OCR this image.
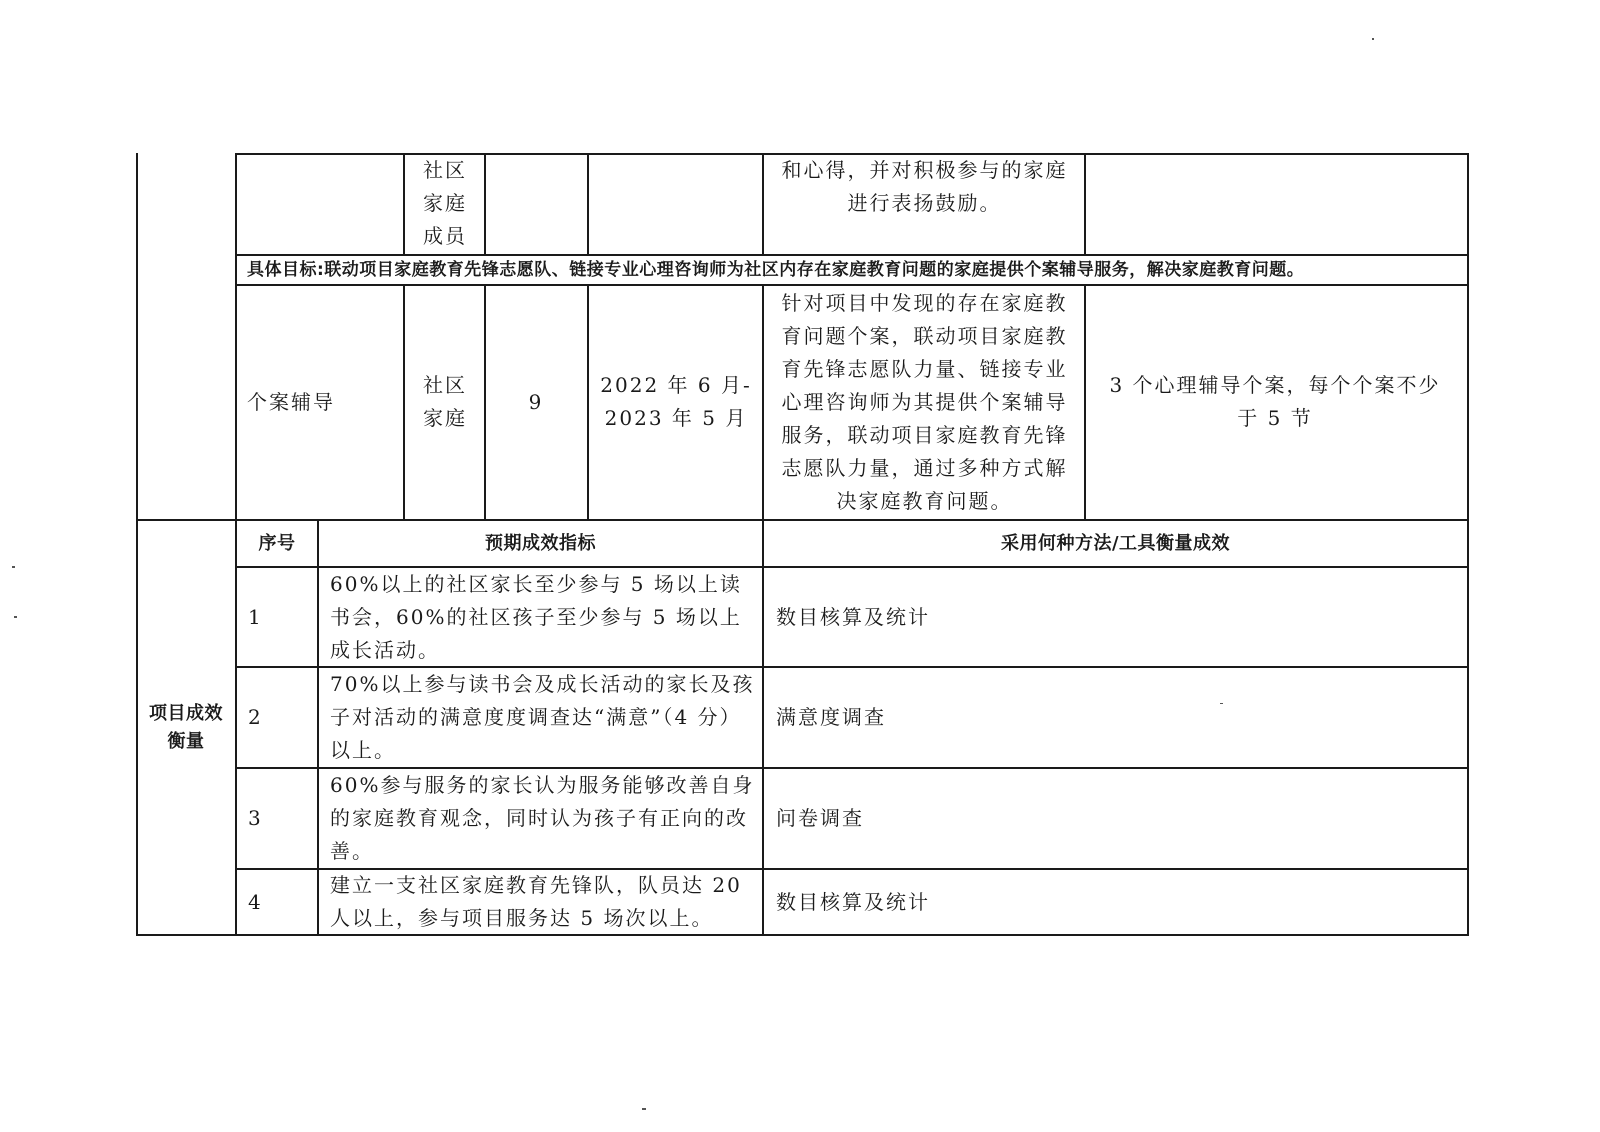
社区家庭成员
和心得，并对积极参与的家庭进行表扬鼓励。
具体目标:联动项目家庭教育先锋志愿队、链接专业心理咨询师为社区内存在家庭教育问题的家庭提供个案辅导服务，解决家庭教育问题。
个案辅导
社区家庭
9
2022 年 6 月-2023 年 5 月
针对项目中发现的存在家庭教育问题个案，联动项目家庭教育先锋志愿队力量、链接专业心理咨询师为其提供个案辅导服务，联动项目家庭教育先锋志愿队力量，通过多种方式解决家庭教育问题。
3 个心理辅导个案，每个个案不少于 5 节
项目成效衡量
序号	预期成效指标	采用何种方法/工具衡量成效
1
60%以上的社区家长至少参与 5 场以上读书会，60%的社区孩子至少参与 5 场以上成长活动。
数目核算及统计
2
70%以上参与读书会及成长活动的家长及孩子对活动的满意度度调查达“满意”（4 分）以上。
满意度调查
3
60%参与服务的家长认为服务能够改善自身的家庭教育观念，同时认为孩子有正向的改善。
问卷调查
4
建立一支社区家庭教育先锋队，队员达 20 人以上，参与项目服务达 5 场次以上。
数目核算及统计
